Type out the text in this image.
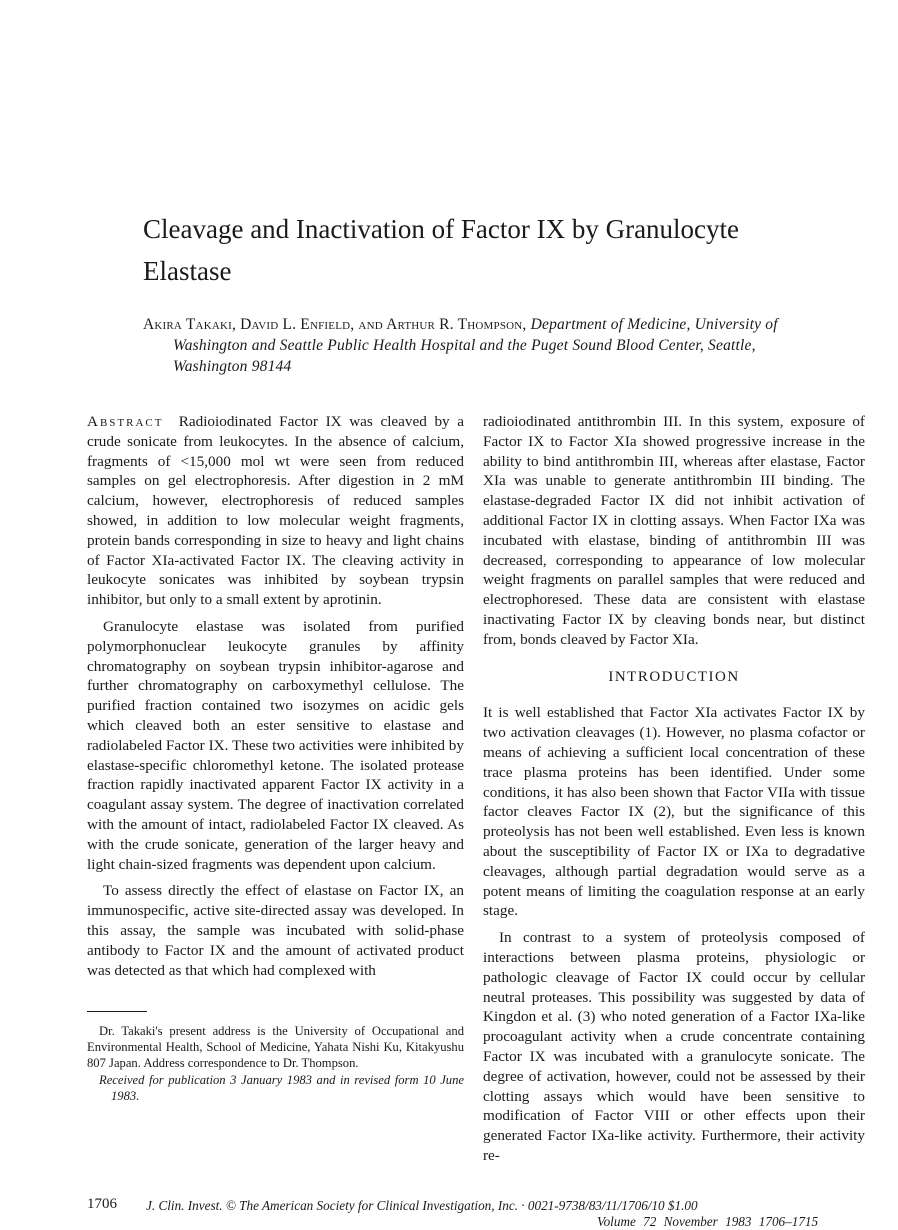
Cleavage and Inactivation of Factor IX by Granulocyte Elastase

Akira Takaki, David L. Enfield, and Arthur R. Thompson, Department of Medicine, University of Washington and Seattle Public Health Hospital and the Puget Sound Blood Center, Seattle, Washington 98144

Abstract Radioiodinated Factor IX was cleaved by a crude sonicate from leukocytes. In the absence of calcium, fragments of <15,000 mol wt were seen from reduced samples on gel electrophoresis. After digestion in 2 mM calcium, however, electrophoresis of reduced samples showed, in addition to low molecular weight fragments, protein bands corresponding in size to heavy and light chains of Factor XIa-activated Factor IX. The cleaving activity in leukocyte sonicates was inhibited by soybean trypsin inhibitor, but only to a small extent by aprotinin.

Granulocyte elastase was isolated from purified polymorphonuclear leukocyte granules by affinity chromatography on soybean trypsin inhibitor-agarose and further chromatography on carboxymethyl cellulose. The purified fraction contained two isozymes on acidic gels which cleaved both an ester sensitive to elastase and radiolabeled Factor IX. These two activities were inhibited by elastase-specific chloromethyl ketone. The isolated protease fraction rapidly inactivated apparent Factor IX activity in a coagulant assay system. The degree of inactivation correlated with the amount of intact, radiolabeled Factor IX cleaved. As with the crude sonicate, generation of the larger heavy and light chain-sized fragments was dependent upon calcium.

To assess directly the effect of elastase on Factor IX, an immunospecific, active site-directed assay was developed. In this assay, the sample was incubated with solid-phase antibody to Factor IX and the amount of activated product was detected as that which had complexed with

radioiodinated antithrombin III. In this system, exposure of Factor IX to Factor XIa showed progressive increase in the ability to bind antithrombin III, whereas after elastase, Factor XIa was unable to generate antithrombin III binding. The elastase-degraded Factor IX did not inhibit activation of additional Factor IX in clotting assays. When Factor IXa was incubated with elastase, binding of antithrombin III was decreased, corresponding to appearance of low molecular weight fragments on parallel samples that were reduced and electrophoresed. These data are consistent with elastase inactivating Factor IX by cleaving bonds near, but distinct from, bonds cleaved by Factor XIa.

INTRODUCTION

It is well established that Factor XIa activates Factor IX by two activation cleavages (1). However, no plasma cofactor or means of achieving a sufficient local concentration of these trace plasma proteins has been identified. Under some conditions, it has also been shown that Factor VIIa with tissue factor cleaves Factor IX (2), but the significance of this proteolysis has not been well established. Even less is known about the susceptibility of Factor IX or IXa to degradative cleavages, although partial degradation would serve as a potent means of limiting the coagulation response at an early stage.

In contrast to a system of proteolysis composed of interactions between plasma proteins, physiologic or pathologic cleavage of Factor IX could occur by cellular neutral proteases. This possibility was suggested by data of Kingdon et al. (3) who noted generation of a Factor IXa-like procoagulant activity when a crude concentrate containing Factor IX was incubated with a granulocyte sonicate. The degree of activation, however, could not be assessed by their clotting assays which would have been sensitive to modification of Factor VIII or other effects upon their generated Factor IXa-like activity. Furthermore, their activity re-

Dr. Takaki's present address is the University of Occupational and Environmental Health, School of Medicine, Yahata Nishi Ku, Kitakyushu 807 Japan. Address correspondence to Dr. Thompson.

Received for publication 3 January 1983 and in revised form 10 June 1983.

1706 J. Clin. Invest. © The American Society for Clinical Investigation, Inc. · 0021-9738/83/11/1706/10 $1.00
Volume 72 November 1983 1706–1715
